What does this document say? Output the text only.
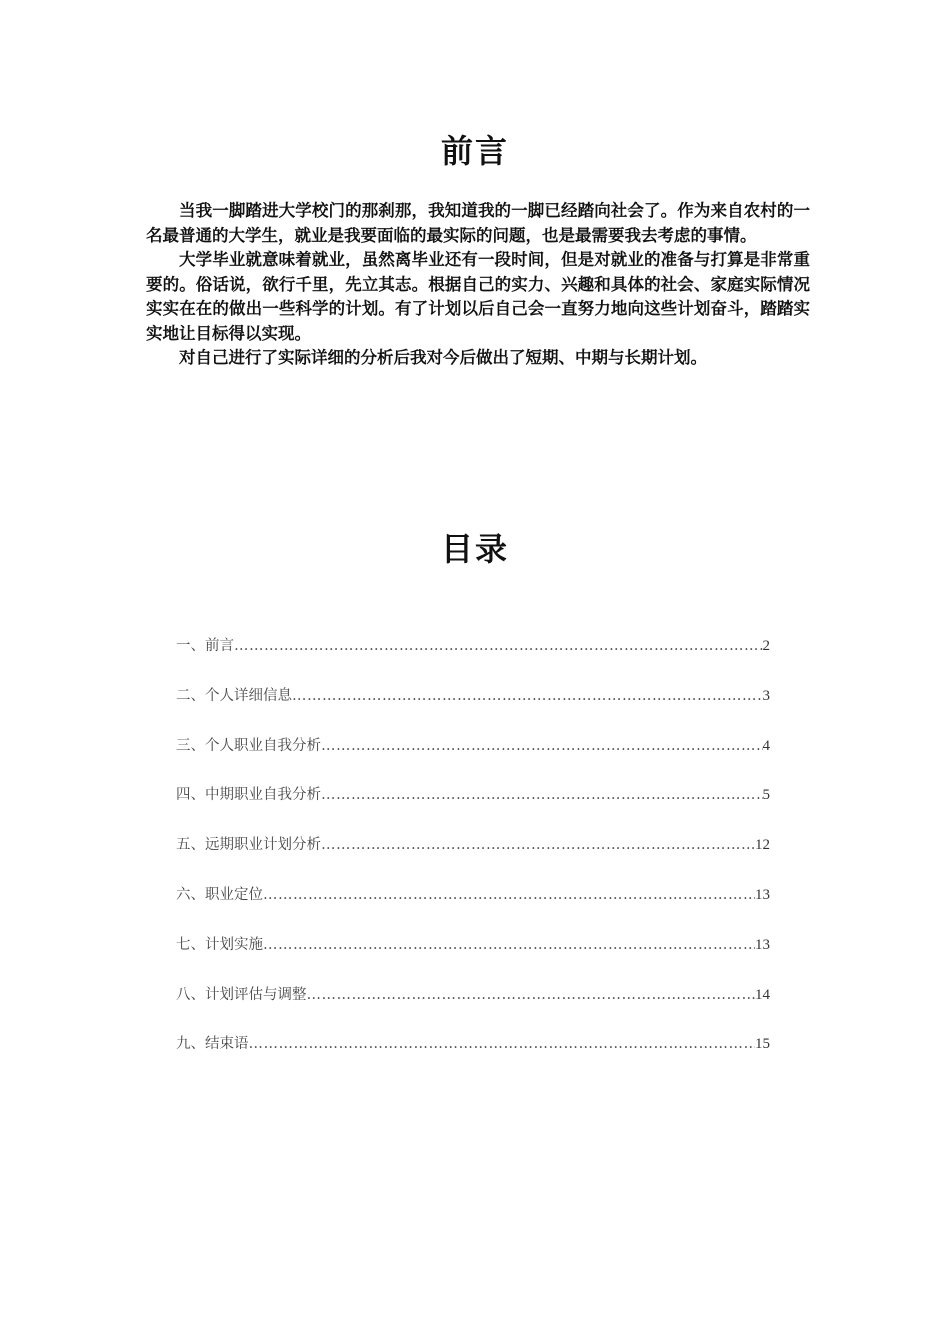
前言

当我一脚踏进大学校门的那刹那，我知道我的一脚已经踏向社会了。作为来自农村的一名最普通的大学生，就业是我要面临的最实际的问题，也是最需要我去考虑的事情。

大学毕业就意味着就业，虽然离毕业还有一段时间，但是对就业的准备与打算是非常重要的。俗话说，欲行千里，先立其志。根据自己的实力、兴趣和具体的社会、家庭实际情况实实在在的做出一些科学的计划。有了计划以后自己会一直努力地向这些计划奋斗，踏踏实实地让目标得以实现。

对自己进行了实际详细的分析后我对今后做出了短期、中期与长期计划。

目录
一、前言 …………………………………………………………………………………………………………………………………………………………………………………………	2
二、个人详细信息 …………………………………………………………………………………………………………………………………………………………………………………………	3
三、个人职业自我分析 …………………………………………………………………………………………………………………………………………………………………………………………	4
四、中期职业自我分析 …………………………………………………………………………………………………………………………………………………………………………………………	5
五、远期职业计划分析 …………………………………………………………………………………………………………………………………………………………………………………………	12
六、职业定位 …………………………………………………………………………………………………………………………………………………………………………………………	13
七、计划实施 …………………………………………………………………………………………………………………………………………………………………………………………	13
八、计划评估与调整 …………………………………………………………………………………………………………………………………………………………………………………………	14
九、结束语 …………………………………………………………………………………………………………………………………………………………………………………………	15
